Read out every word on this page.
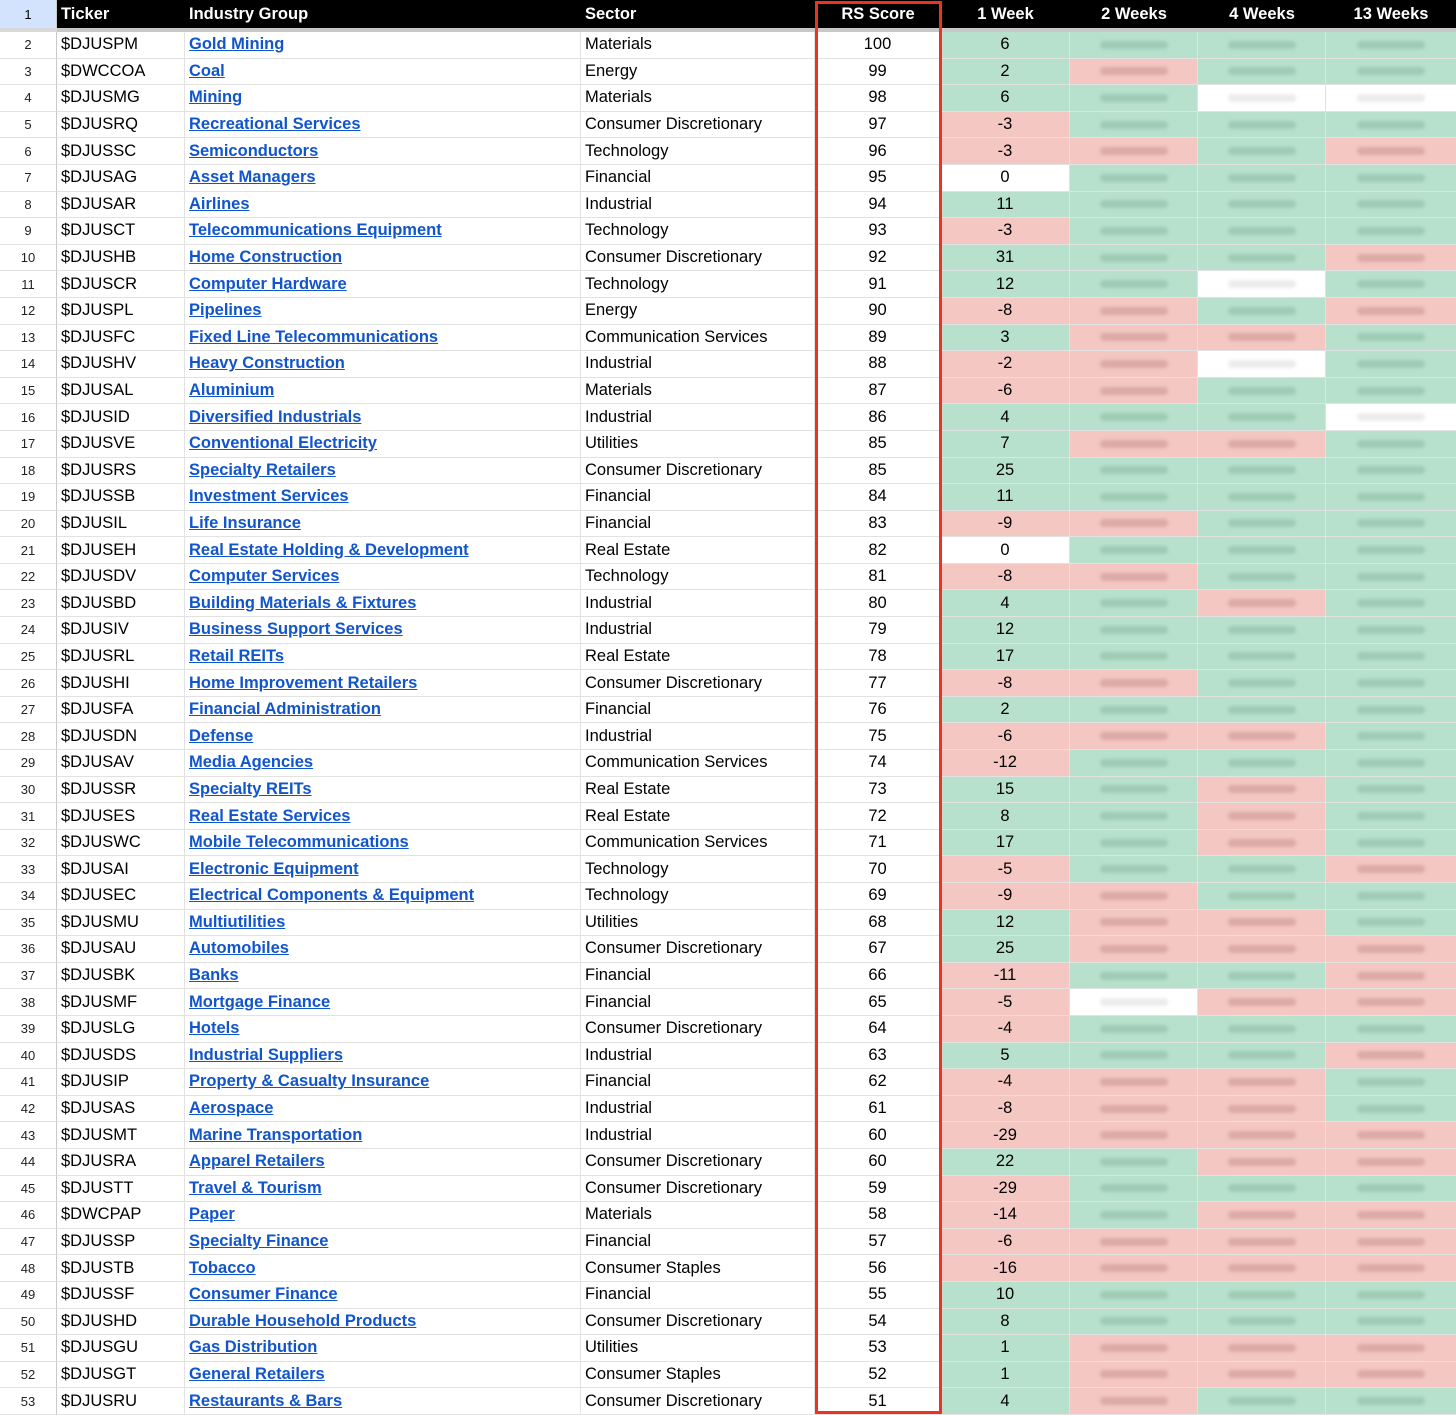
1	Ticker	Industry Group	Sector	RS Score	1 Week	2 Weeks	4 Weeks	13 Weeks
2	$DJUSPM	Gold Mining	Materials	100	6
3	$DWCCOA	Coal	Energy	99	2
4	$DJUSMG	Mining	Materials	98	6
5	$DJUSRQ	Recreational Services	Consumer Discretionary	97	-3
6	$DJUSSC	Semiconductors	Technology	96	-3
7	$DJUSAG	Asset Managers	Financial	95	0
8	$DJUSAR	Airlines	Industrial	94	11
9	$DJUSCT	Telecommunications Equipment	Technology	93	-3
10	$DJUSHB	Home Construction	Consumer Discretionary	92	31
11	$DJUSCR	Computer Hardware	Technology	91	12
12	$DJUSPL	Pipelines	Energy	90	-8
13	$DJUSFC	Fixed Line Telecommunications	Communication Services	89	3
14	$DJUSHV	Heavy Construction	Industrial	88	-2
15	$DJUSAL	Aluminium	Materials	87	-6
16	$DJUSID	Diversified Industrials	Industrial	86	4
17	$DJUSVE	Conventional Electricity	Utilities	85	7
18	$DJUSRS	Specialty Retailers	Consumer Discretionary	85	25
19	$DJUSSB	Investment Services	Financial	84	11
20	$DJUSIL	Life Insurance	Financial	83	-9
21	$DJUSEH	Real Estate Holding & Development	Real Estate	82	0
22	$DJUSDV	Computer Services	Technology	81	-8
23	$DJUSBD	Building Materials & Fixtures	Industrial	80	4
24	$DJUSIV	Business Support Services	Industrial	79	12
25	$DJUSRL	Retail REITs	Real Estate	78	17
26	$DJUSHI	Home Improvement Retailers	Consumer Discretionary	77	-8
27	$DJUSFA	Financial Administration	Financial	76	2
28	$DJUSDN	Defense	Industrial	75	-6
29	$DJUSAV	Media Agencies	Communication Services	74	-12
30	$DJUSSR	Specialty REITs	Real Estate	73	15
31	$DJUSES	Real Estate Services	Real Estate	72	8
32	$DJUSWC	Mobile Telecommunications	Communication Services	71	17
33	$DJUSAI	Electronic Equipment	Technology	70	-5
34	$DJUSEC	Electrical Components & Equipment	Technology	69	-9
35	$DJUSMU	Multiutilities	Utilities	68	12
36	$DJUSAU	Automobiles	Consumer Discretionary	67	25
37	$DJUSBK	Banks	Financial	66	-11
38	$DJUSMF	Mortgage Finance	Financial	65	-5
39	$DJUSLG	Hotels	Consumer Discretionary	64	-4
40	$DJUSDS	Industrial Suppliers	Industrial	63	5
41	$DJUSIP	Property & Casualty Insurance	Financial	62	-4
42	$DJUSAS	Aerospace	Industrial	61	-8
43	$DJUSMT	Marine Transportation	Industrial	60	-29
44	$DJUSRA	Apparel Retailers	Consumer Discretionary	60	22
45	$DJUSTT	Travel & Tourism	Consumer Discretionary	59	-29
46	$DWCPAP	Paper	Materials	58	-14
47	$DJUSSP	Specialty Finance	Financial	57	-6
48	$DJUSTB	Tobacco	Consumer Staples	56	-16
49	$DJUSSF	Consumer Finance	Financial	55	10
50	$DJUSHD	Durable Household Products	Consumer Discretionary	54	8
51	$DJUSGU	Gas Distribution	Utilities	53	1
52	$DJUSGT	General Retailers	Consumer Staples	52	1
53	$DJUSRU	Restaurants & Bars	Consumer Discretionary	51	4
